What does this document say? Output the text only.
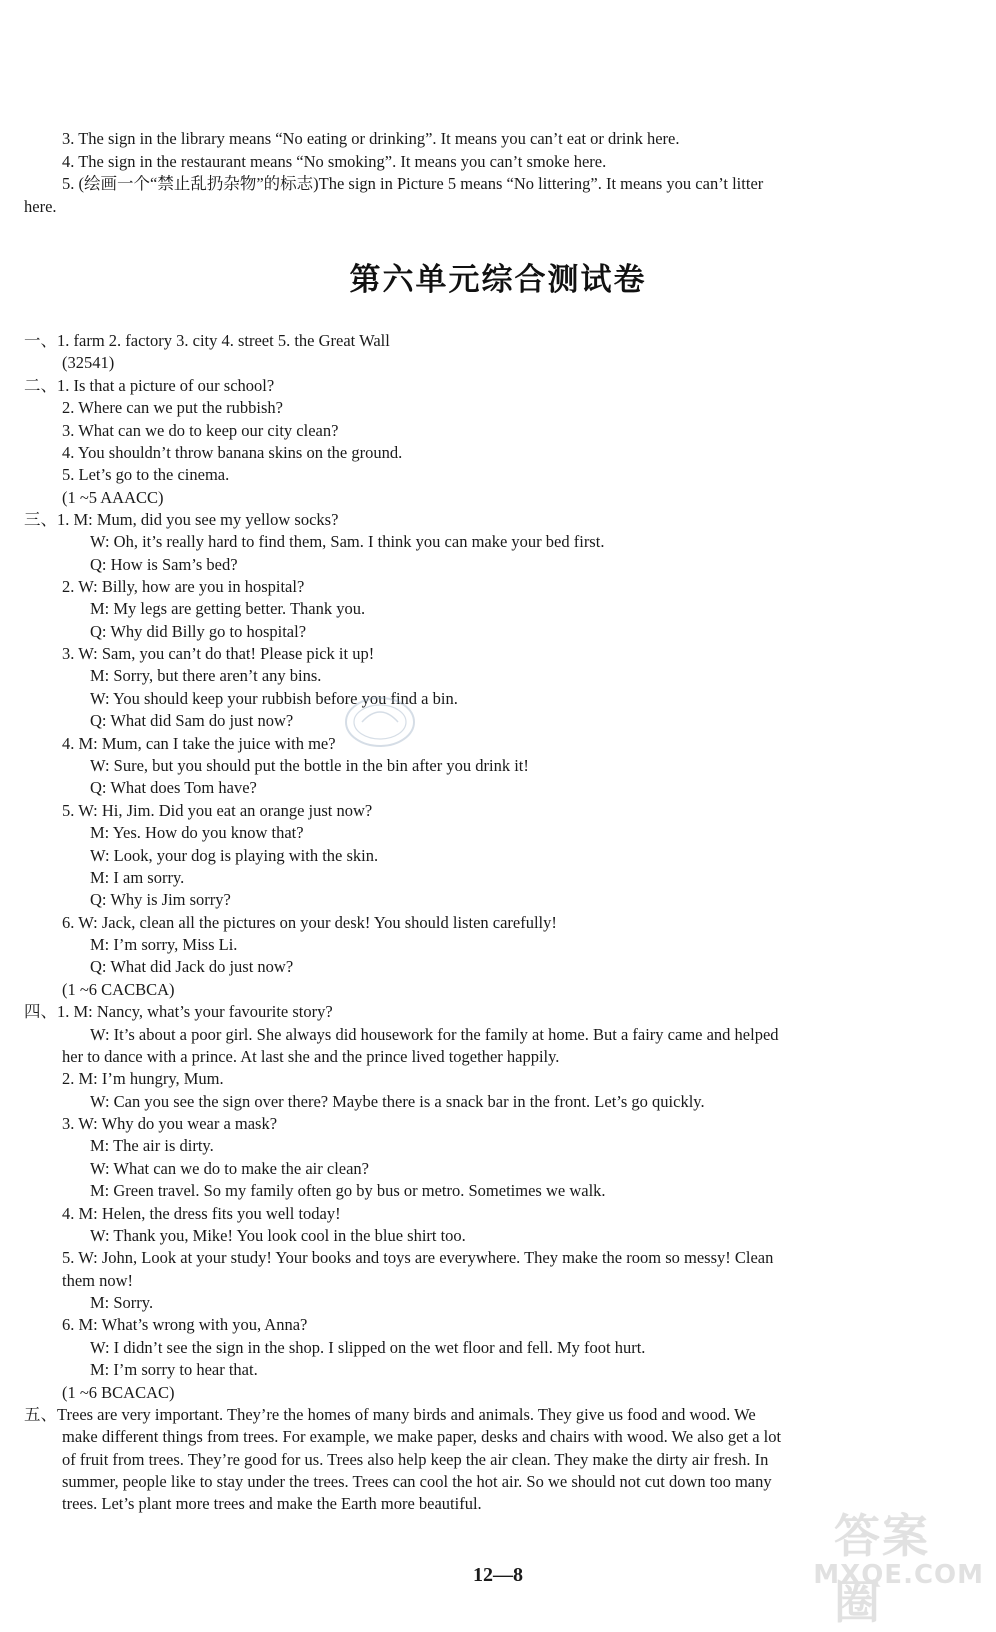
3. The sign in the library means “No eating or drinking”. It means you can’t eat or drink here.
4. The sign in the restaurant means “No smoking”. It means you can’t smoke here.
5. (绘画一个“禁止乱扔杂物”的标志)The sign in Picture 5 means “No littering”. It means you can’t litter
here.
第六单元综合测试卷
一、1. farm 2. factory 3. city 4. street 5. the Great Wall
(32541)
二、1. Is that a picture of our school?
2. Where can we put the rubbish?
3. What can we do to keep our city clean?
4. You shouldn’t throw banana skins on the ground.
5. Let’s go to the cinema.
(1 ~5 AAACC)
三、1. M: Mum, did you see my yellow socks?
W: Oh, it’s really hard to find them, Sam. I think you can make your bed first.
Q: How is Sam’s bed?
2. W: Billy, how are you in hospital?
M: My legs are getting better. Thank you.
Q: Why did Billy go to hospital?
3. W: Sam, you can’t do that! Please pick it up!
M: Sorry, but there aren’t any bins.
W: You should keep your rubbish before you find a bin.
Q: What did Sam do just now?
4. M: Mum, can I take the juice with me?
W: Sure, but you should put the bottle in the bin after you drink it!
Q: What does Tom have?
5. W: Hi, Jim. Did you eat an orange just now?
M: Yes. How do you know that?
W: Look, your dog is playing with the skin.
M: I am sorry.
Q: Why is Jim sorry?
6. W: Jack, clean all the pictures on your desk! You should listen carefully!
M: I’m sorry, Miss Li.
Q: What did Jack do just now?
(1 ~6 CACBCA)
四、1. M: Nancy, what’s your favourite story?
W: It’s about a poor girl. She always did housework for the family at home. But a fairy came and helped
her to dance with a prince. At last she and the prince lived together happily.
2. M: I’m hungry, Mum.
W: Can you see the sign over there? Maybe there is a snack bar in the front. Let’s go quickly.
3. W: Why do you wear a mask?
M: The air is dirty.
W: What can we do to make the air clean?
M: Green travel. So my family often go by bus or metro. Sometimes we walk.
4. M: Helen, the dress fits you well today!
W: Thank you, Mike! You look cool in the blue shirt too.
5. W: John, Look at your study! Your books and toys are everywhere. They make the room so messy! Clean
them now!
M: Sorry.
6. M: What’s wrong with you, Anna?
W: I didn’t see the sign in the shop. I slipped on the wet floor and fell. My foot hurt.
M: I’m sorry to hear that.
(1 ~6 BCACAC)
五、Trees are very important. They’re the homes of many birds and animals. They give us food and wood. We
make different things from trees. For example, we make paper, desks and chairs with wood. We also get a lot
of fruit from trees. They’re good for us. Trees also help keep the air clean. They make the dirty air fresh. In
summer, people like to stay under the trees. Trees can cool the hot air. So we should not cut down too many
trees. Let’s plant more trees and make the Earth more beautiful.
12—8
答案圈
MXQE.COM
